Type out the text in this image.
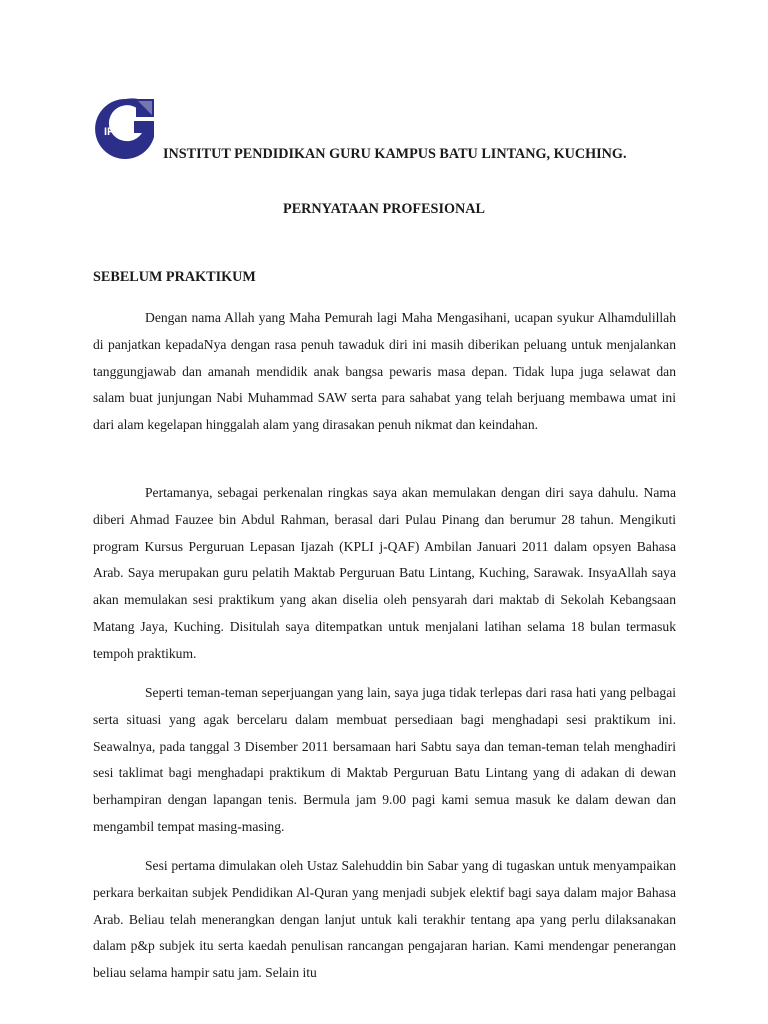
IPG
INSTITUT PENDIDIKAN GURU KAMPUS BATU LINTANG, KUCHING.
PERNYATAAN PROFESIONAL
SEBELUM PRAKTIKUM

Dengan nama Allah yang Maha Pemurah lagi Maha Mengasihani, ucapan syukur Alhamdulillah di panjatkan kepadaNya dengan rasa penuh tawaduk diri ini masih diberikan peluang untuk menjalankan tanggungjawab dan amanah mendidik anak bangsa pewaris masa depan. Tidak lupa juga selawat dan salam buat junjungan Nabi Muhammad SAW serta para sahabat yang telah berjuang membawa umat ini dari alam kegelapan hinggalah alam yang dirasakan penuh nikmat dan keindahan.

Pertamanya, sebagai perkenalan ringkas saya akan memulakan dengan diri saya dahulu. Nama diberi Ahmad Fauzee bin Abdul Rahman, berasal dari Pulau Pinang dan berumur 28 tahun. Mengikuti program Kursus Perguruan Lepasan Ijazah (KPLI j-QAF) Ambilan Januari 2011 dalam opsyen Bahasa Arab. Saya merupakan guru pelatih Maktab Perguruan Batu Lintang, Kuching, Sarawak. InsyaAllah saya akan memulakan sesi praktikum yang akan diselia oleh pensyarah dari maktab di Sekolah Kebangsaan Matang Jaya, Kuching. Disitulah saya ditempatkan untuk menjalani latihan selama 18 bulan termasuk tempoh praktikum.

Seperti teman-teman seperjuangan yang lain, saya juga tidak terlepas dari rasa hati yang pelbagai serta situasi yang agak bercelaru dalam membuat persediaan bagi menghadapi sesi praktikum ini. Seawalnya, pada tanggal 3 Disember 2011 bersamaan hari Sabtu saya dan teman-teman telah menghadiri sesi taklimat bagi menghadapi praktikum di Maktab Perguruan Batu Lintang yang di adakan di dewan berhampiran dengan lapangan tenis. Bermula jam 9.00 pagi kami semua masuk ke dalam dewan dan mengambil tempat masing-masing.

Sesi pertama dimulakan oleh Ustaz Salehuddin bin Sabar yang di tugaskan untuk menyampaikan perkara berkaitan subjek Pendidikan Al-Quran yang menjadi subjek elektif bagi saya dalam major Bahasa Arab. Beliau telah menerangkan dengan lanjut untuk kali terakhir tentang apa yang perlu dilaksanakan dalam p&p subjek itu serta kaedah penulisan rancangan pengajaran harian. Kami mendengar penerangan beliau selama hampir satu jam. Selain itu
